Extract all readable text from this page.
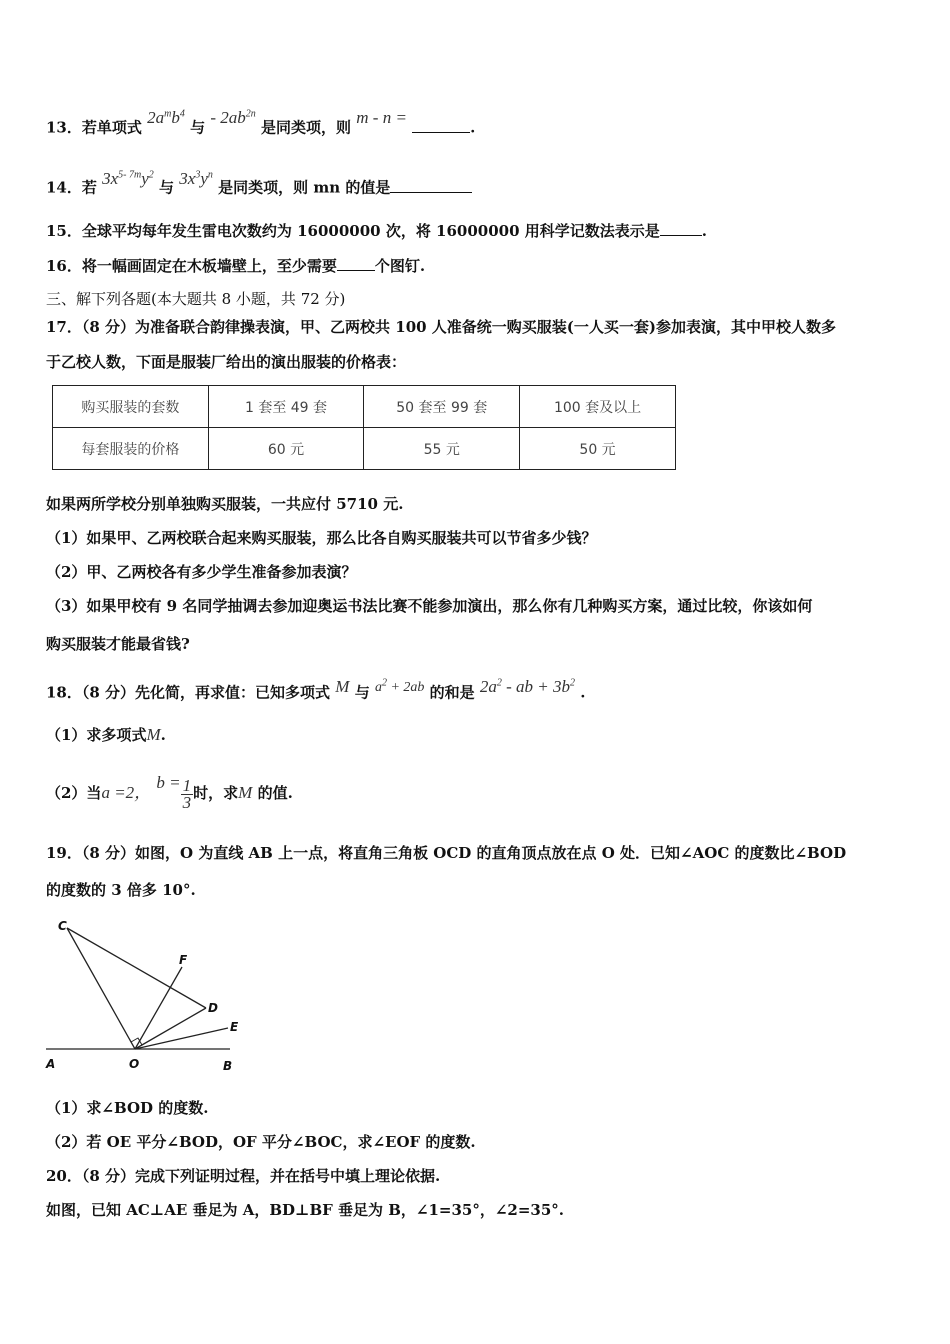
13．若单项式 $2a^mb^4$ 与 - $2ab^{2n}$ 是同类项，则 m - n = .
14．若 $3x^{5- 7m}y^2$ 与 $3x^3y^n$ 是同类项，则 mn 的值是
15．全球平均每年发生雷电次数约为 16000000 次，将 16000000 用科学记数法表示是	.
16．将一幅画固定在木板墙壁上，至少需要	个图钉.
三、解下列各题(本大题共 8 小题，共 72 分)
17．（8 分）为准备联合韵律操表演，甲、乙两校共 100 人准备统一购买服装(一人买一套)参加表演，其中甲校人数多
于乙校人数，下面是服装厂给出的演出服装的价格表：
购买服装的套数	1 套至 49 套	50 套至 99 套	100 套及以上
每套服装的价格	60 元	55 元	50 元
如果两所学校分别单独购买服装，一共应付 5710 元.
（1）如果甲、乙两校联合起来购买服装，那么比各自购买服装共可以节省多少钱？
（2）甲、乙两校各有多少学生准备参加表演？
（3）如果甲校有 9 名同学抽调去参加迎奥运书法比赛不能参加演出，那么你有几种购买方案，通过比较，你该如何
购买服装才能最省钱?
18．（8 分）先化简，再求值：已知多项式 M 与 $a^2 + 2ab$ 的和是 $2a^2$ - ab + $3b^2$ .
（1）求多项式M.
（2）当a =2， $b = \frac{1}{3}$ 时，求M 的值.
19．（8 分）如图，O 为直线 AB 上一点，将直角三角板 OCD 的直角顶点放在点 O 处．已知∠AOC 的度数比∠BOD
的度数的 3 倍多 10°.
C
F
D
E
A	O	B
（1）求∠BOD 的度数.
（2）若 OE 平分∠BOD，OF 平分∠BOC，求∠EOF 的度数.
20．（8 分）完成下列证明过程，并在括号中填上理论依据.
如图，已知 AC⊥AE 垂足为 A，BD⊥BF 垂足为 B，∠1=35°，∠2=35°.
